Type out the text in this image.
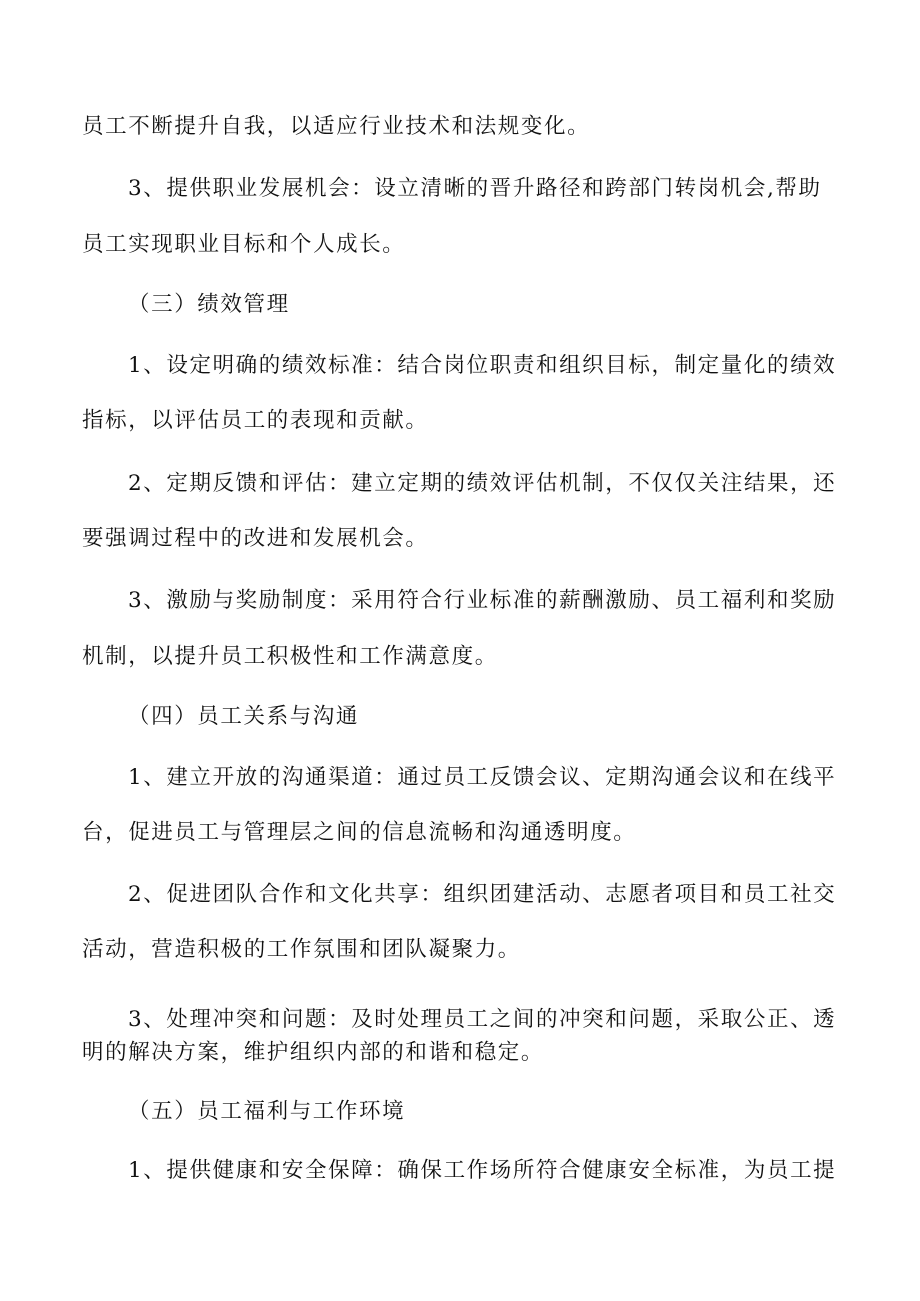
员工不断提升自我，以适应行业技术和法规变化。
3、提供职业发展机会：设立清晰的晋升路径和跨部门转岗机会,帮助
员工实现职业目标和个人成长。
（三）绩效管理
1、设定明确的绩效标准：结合岗位职责和组织目标，制定量化的绩效
指标，以评估员工的表现和贡献。
2、定期反馈和评估：建立定期的绩效评估机制，不仅仅关注结果，还
要强调过程中的改进和发展机会。
3、激励与奖励制度：采用符合行业标准的薪酬激励、员工福利和奖励
机制，以提升员工积极性和工作满意度。
（四）员工关系与沟通
1、建立开放的沟通渠道：通过员工反馈会议、定期沟通会议和在线平
台，促进员工与管理层之间的信息流畅和沟通透明度。
2、促进团队合作和文化共享：组织团建活动、志愿者项目和员工社交
活动，营造积极的工作氛围和团队凝聚力。
3、处理冲突和问题：及时处理员工之间的冲突和问题，采取公正、透
明的解决方案，维护组织内部的和谐和稳定。
（五）员工福利与工作环境
1、提供健康和安全保障：确保工作场所符合健康安全标准，为员工提
